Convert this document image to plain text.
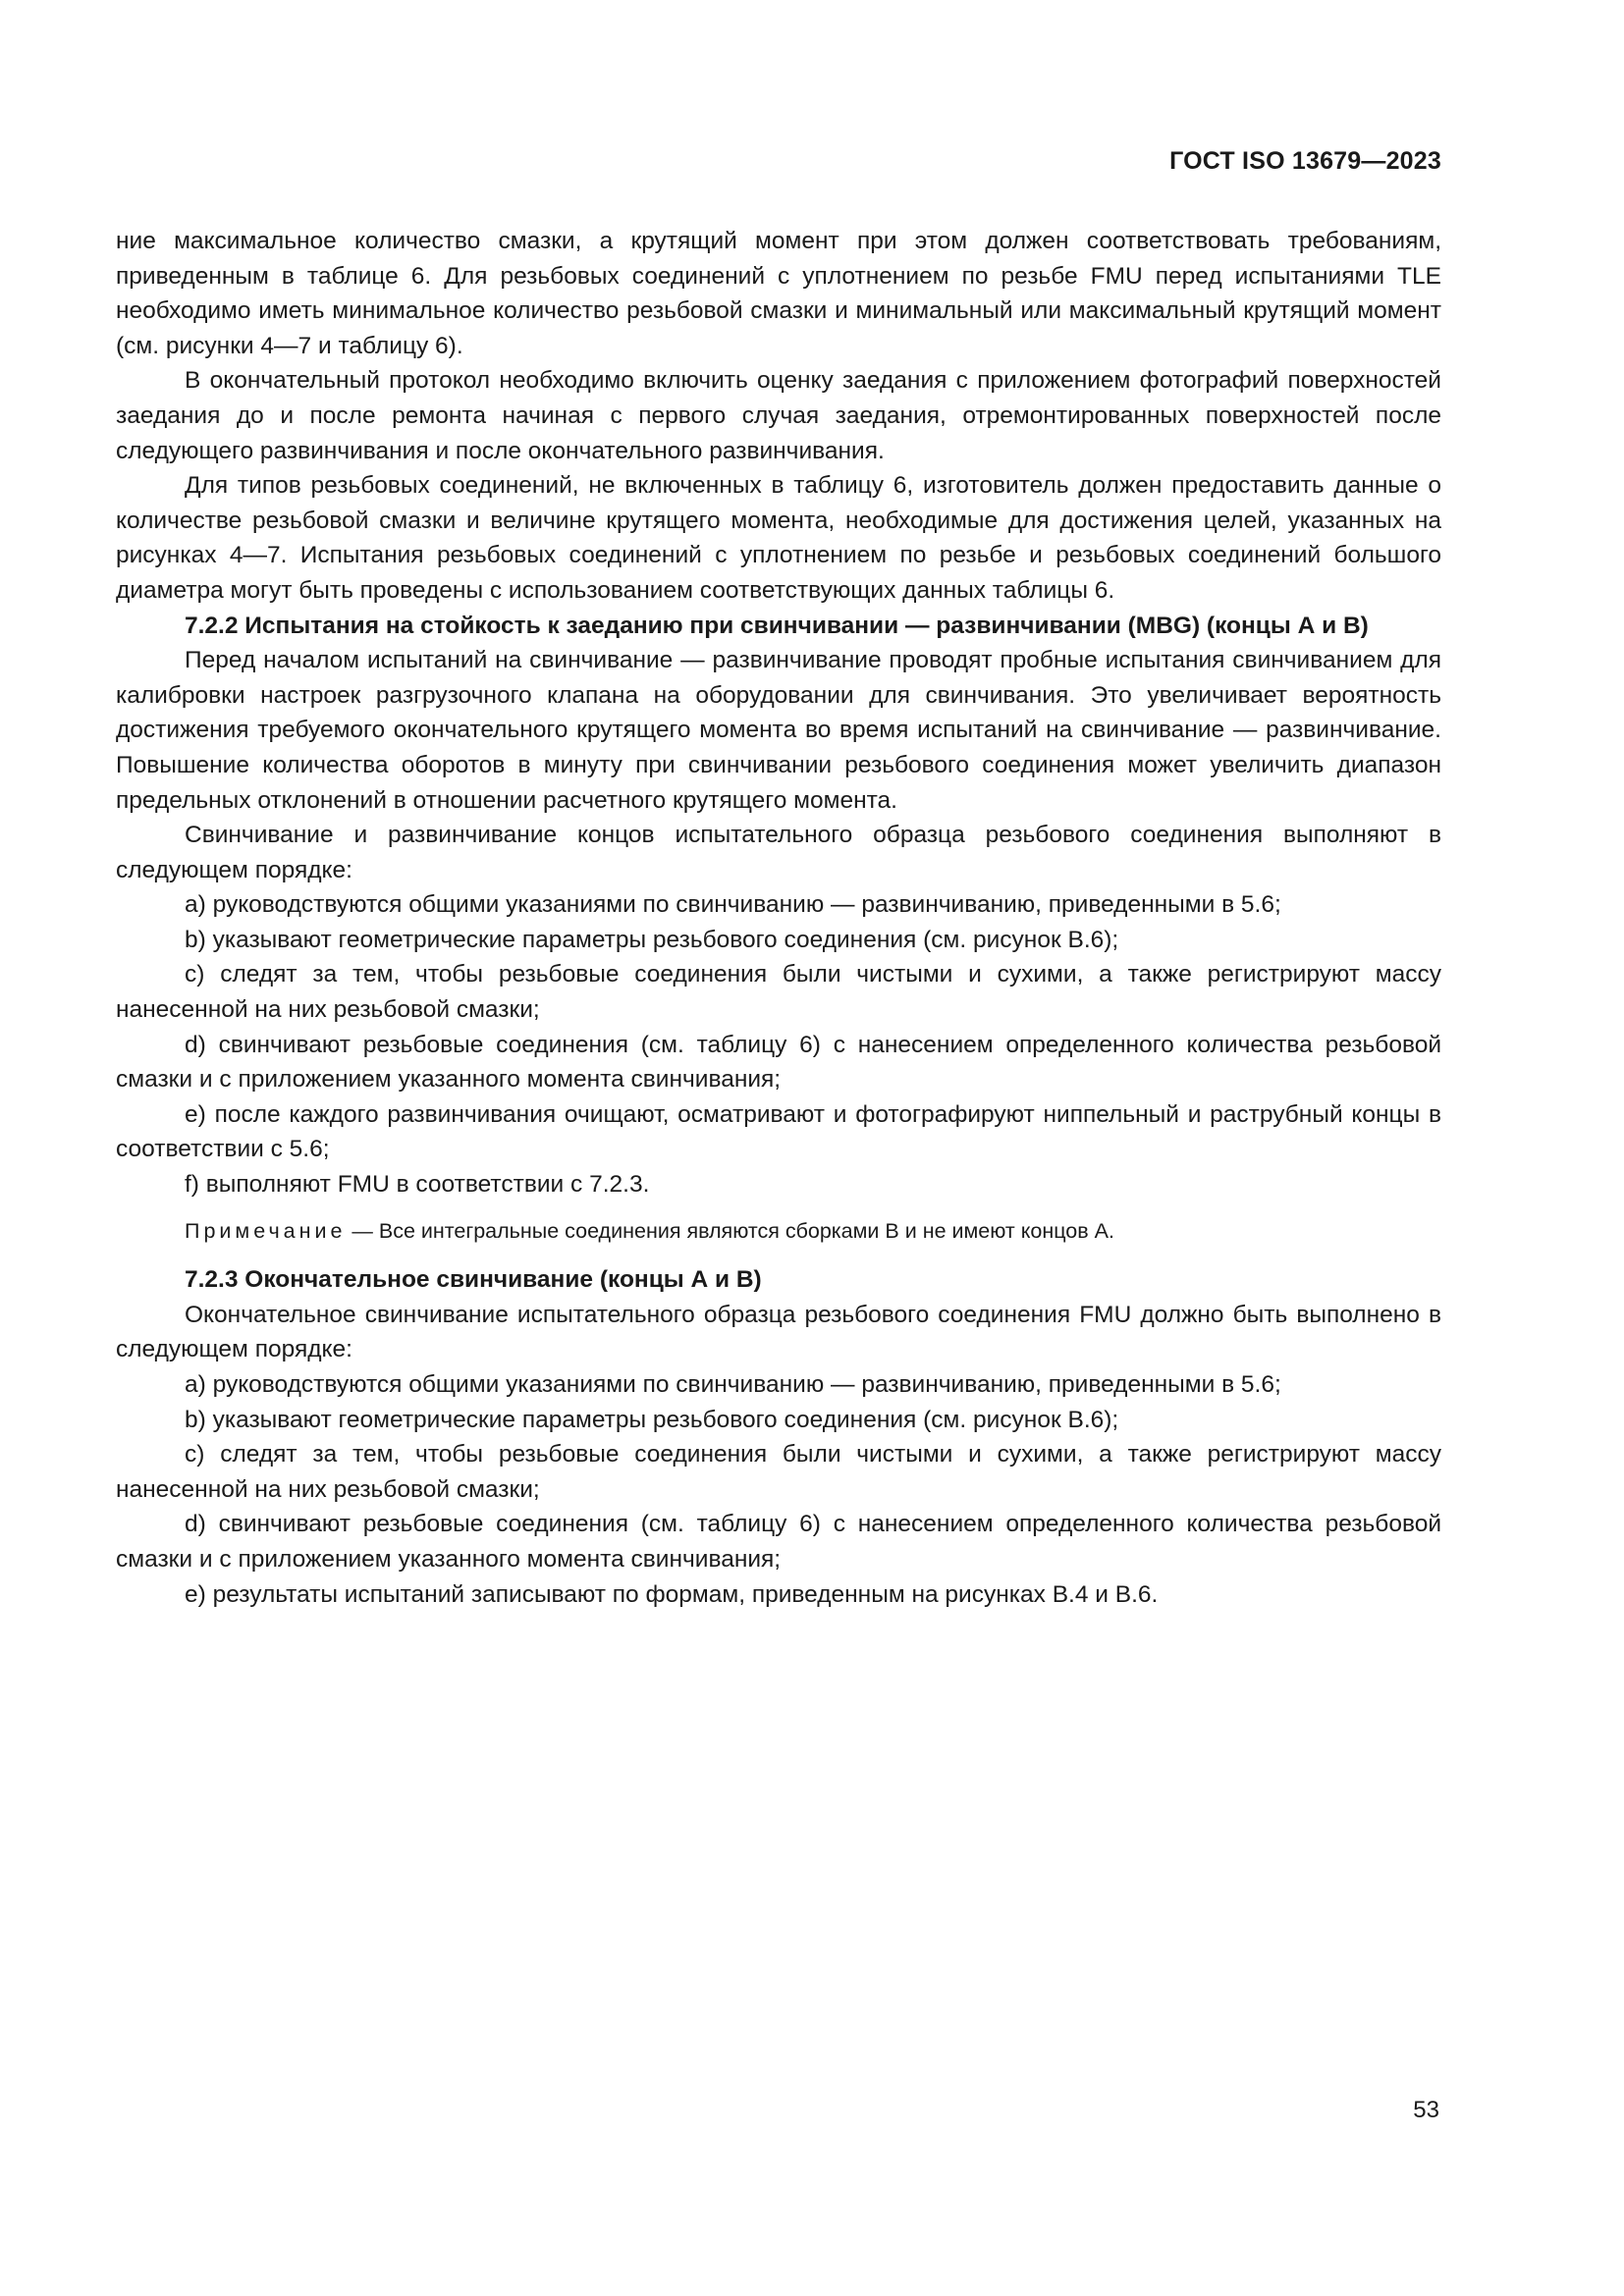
ГОСТ ISO 13679—2023

ние максимальное количество смазки, а крутящий момент при этом должен соответствовать требованиям, приведенным в таблице 6. Для резьбовых соединений с уплотнением по резьбе FMU перед испытаниями TLE необходимо иметь минимальное количество резьбовой смазки и минимальный или максимальный крутящий момент (см. рисунки 4—7 и таблицу 6).

В окончательный протокол необходимо включить оценку заедания с приложением фотографий поверхностей заедания до и после ремонта начиная с первого случая заедания, отремонтированных поверхностей после следующего развинчивания и после окончательного развинчивания.

Для типов резьбовых соединений, не включенных в таблицу 6, изготовитель должен предоставить данные о количестве резьбовой смазки и величине крутящего момента, необходимые для достижения целей, указанных на рисунках 4—7. Испытания резьбовых соединений с уплотнением по резьбе и резьбовых соединений большого диаметра могут быть проведены с использованием соответствующих данных таблицы 6.

7.2.2 Испытания на стойкость к заеданию при свинчивании — развинчивании (MBG) (концы А и В)

Перед началом испытаний на свинчивание — развинчивание проводят пробные испытания свинчиванием для калибровки настроек разгрузочного клапана на оборудовании для свинчивания. Это увеличивает вероятность достижения требуемого окончательного крутящего момента во время испытаний на свинчивание — развинчивание. Повышение количества оборотов в минуту при свинчивании резьбового соединения может увеличить диапазон предельных отклонений в отношении расчетного крутящего момента.

Свинчивание и развинчивание концов испытательного образца резьбового соединения выполняют в следующем порядке:

a) руководствуются общими указаниями по свинчиванию — развинчиванию, приведенными в 5.6;

b) указывают геометрические параметры резьбового соединения (см. рисунок В.6);

c) следят за тем, чтобы резьбовые соединения были чистыми и сухими, а также регистрируют массу нанесенной на них резьбовой смазки;

d) свинчивают резьбовые соединения (см. таблицу 6) с нанесением определенного количества резьбовой смазки и с приложением указанного момента свинчивания;

e) после каждого развинчивания очищают, осматривают и фотографируют ниппельный и раструбный концы в соответствии с 5.6;

f) выполняют FMU в соответствии с 7.2.3.

Примечание — Все интегральные соединения являются сборками В и не имеют концов А.

7.2.3 Окончательное свинчивание (концы А и В)

Окончательное свинчивание испытательного образца резьбового соединения FMU должно быть выполнено в следующем порядке:

a) руководствуются общими указаниями по свинчиванию — развинчиванию, приведенными в 5.6;

b) указывают геометрические параметры резьбового соединения (см. рисунок В.6);

c) следят за тем, чтобы резьбовые соединения были чистыми и сухими, а также регистрируют массу нанесенной на них резьбовой смазки;

d) свинчивают резьбовые соединения (см. таблицу 6) с нанесением определенного количества резьбовой смазки и с приложением указанного момента свинчивания;

e) результаты испытаний записывают по формам, приведенным на рисунках В.4 и В.6.

53
